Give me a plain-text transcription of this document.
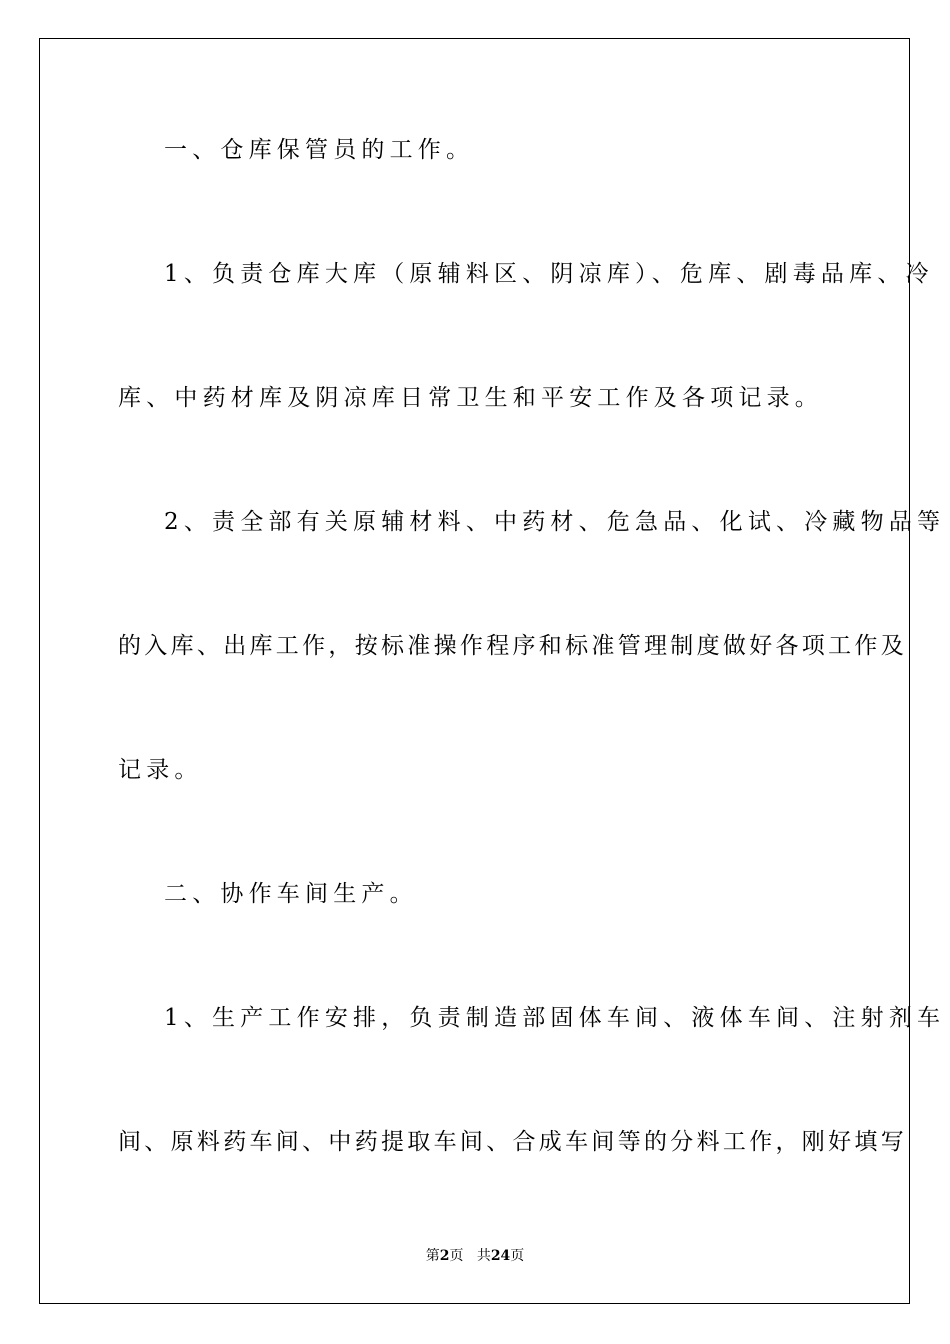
一、仓库保管员的工作。
1、负责仓库大库（原辅料区、阴凉库）、危库、剧毒品库、冷
库、中药材库及阴凉库日常卫生和平安工作及各项记录。
2、责全部有关原辅材料、中药材、危急品、化试、冷藏物品等
的入库、出库工作，按标准操作程序和标准管理制度做好各项工作及
记录。
二、协作车间生产。
1、生产工作安排，负责制造部固体车间、液体车间、注射剂车
间、原料药车间、中药提取车间、合成车间等的分料工作，刚好填写
第2页 共24页
